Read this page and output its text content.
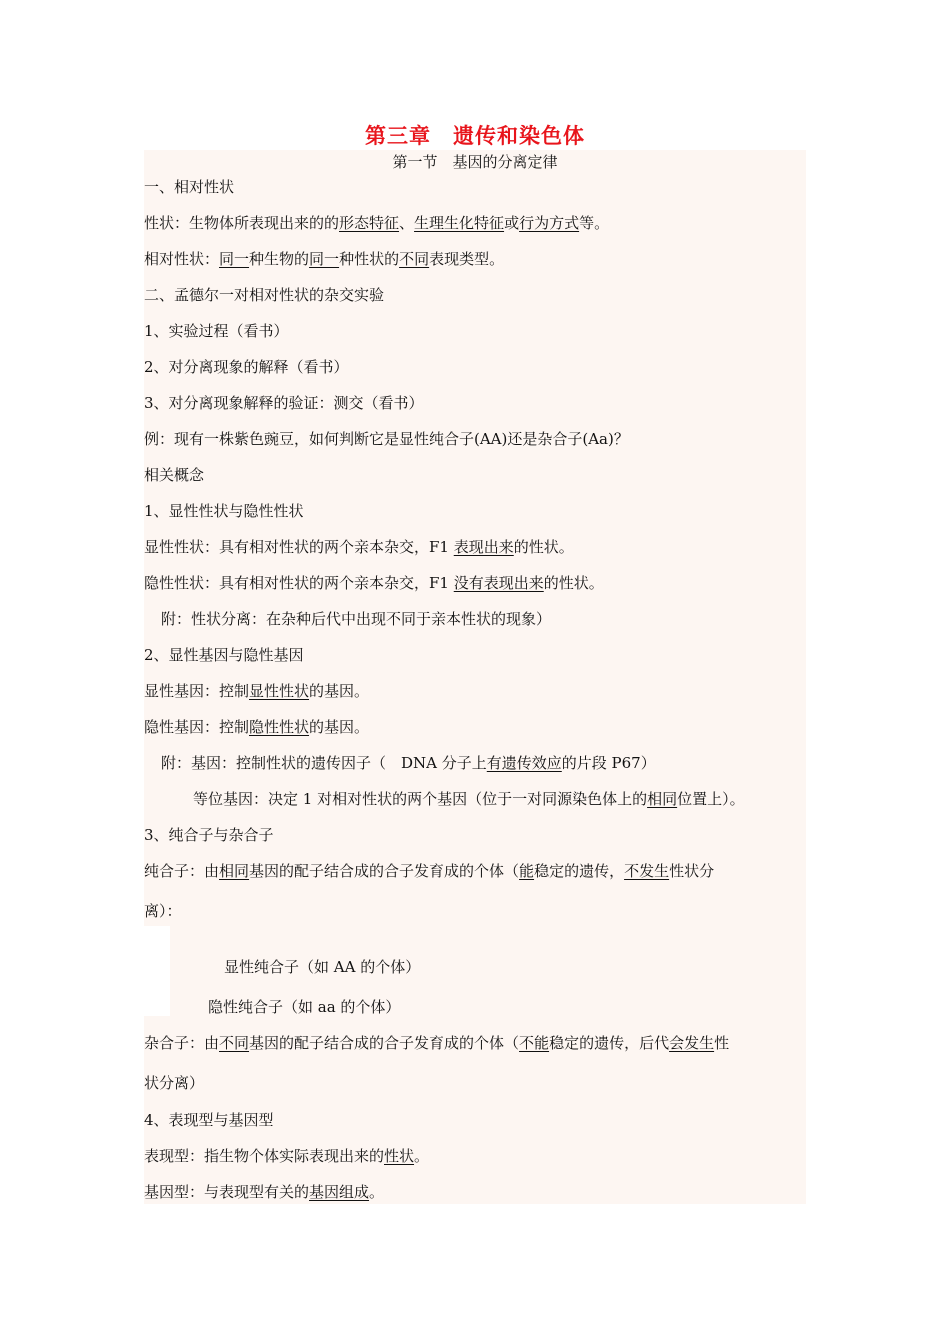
第三章 遗传和染色体
第一节　 基因的分离定律
一、相对性状
性状：生物体所表现出来的的形态特征、生理生化特征或行为方式等。
相对性状：同一种生物的同一种性状的不同表现类型。
二、孟德尔一对相对性状的杂交实验
1、实验过程（看书）
2、对分离现象的解释（看书）
3、对分离现象解释的验证：测交（看书）
例：现有一株紫色豌豆，如何判断它是显性纯合子(AA)还是杂合子(Aa)？
相关概念
1、显性性状与隐性性状
显性性状：具有相对性状的两个亲本杂交，F1 表现出来的性状。
隐性性状：具有相对性状的两个亲本杂交，F1 没有表现出来的性状。
附：性状分离：在杂种后代中出现不同于亲本性状的现象）
2、显性基因与隐性基因
显性基因：控制显性性状的基因。
隐性基因：控制隐性性状的基因。
附：基因：控制性状的遗传因子（　DNA 分子上有遗传效应的片段 P67）
等位基因：决定 1 对相对性状的两个基因（位于一对同源染色体上的相同位置上）。
3、纯合子与杂合子
纯合子：由相同基因的配子结合成的合子发育成的个体（能稳定的遗传，不发生性状分
离）：
显性纯合子（如 AA 的个体）
隐性纯合子（如 aa 的个体）
杂合子：由不同基因的配子结合成的合子发育成的个体（不能稳定的遗传，后代会发生性
状分离）
4、表现型与基因型
表现型：指生物个体实际表现出来的性状。
基因型：与表现型有关的基因组成。
